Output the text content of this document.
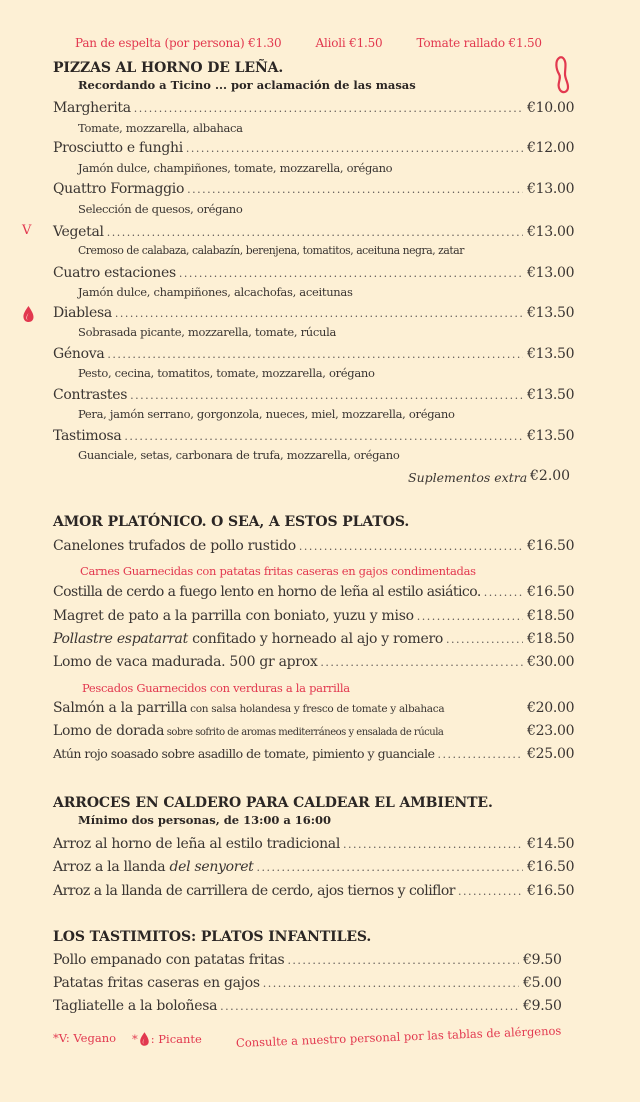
Pan de espelta (por persona) €1.30	Alioli €1.50	Tomate rallado €1.50
PIZZAS AL HORNO DE LEÑA.
Recordando a Ticino ... por aclamación de las masas
Margherita . . .	€10.00
Tomate, mozzarella, albahaca
Prosciutto e funghi . . .	€12.00
Jamón dulce, champiñones, tomate, mozzarella, orégano
Quattro Formaggio . . .	€13.00
Selección de quesos, orégano
V Vegetal . . .	€13.00
Cremoso de calabaza, calabazín, berenjena, tomatitos, aceituna negra, zatar
Cuatro estaciones . . .	€13.00
Jamón dulce, champiñones, alcachofas, aceitunas
Diablesa . . .	€13.50
Sobrasada picante, mozzarella, tomate, rúcula
Génova . . .	€13.50
Pesto, cecina, tomatitos, tomate, mozzarella, orégano
Contrastes . . .	€13.50
Pera, jamón serrano, gorgonzola, nueces, miel, mozzarella, orégano
Tastimosa . . .	€13.50
Guanciale, setas, carbonara de trufa, mozzarella, orégano
Suplementos extra €2.00
AMOR PLATÓNICO. O SEA, A ESTOS PLATOS.
Canelones trufados de pollo rustido . . .	€16.50
Carnes Guarnecidas con patatas fritas caseras en gajos condimentadas
Costilla de cerdo a fuego lento en horno de leña al estilo asiático. . . .	€16.50
Magret de pato a la parrilla con boniato, yuzu y miso . . .	€18.50
Pollastre espatarrat confitado y horneado al ajo y romero . . .	€18.50
Lomo de vaca madurada. 500 gr aprox . . .	€30.00
Pescados Guarnecidos con verduras a la parrilla
Salmón a la parrilla con salsa holandesa y fresco de tomate y albahaca	€20.00
Lomo de dorada sobre sofrito de aromas mediterráneos y ensalada de rúcula	€23.00
Atún rojo soasado sobre asadillo de tomate, pimiento y guanciale . . .	€25.00
ARROCES EN CALDERO PARA CALDEAR EL AMBIENTE.
Mínimo dos personas, de 13:00 a 16:00
Arroz al horno de leña al estilo tradicional . . .	€14.50
Arroz a la llanda del senyoret . . .	€16.50
Arroz a la llanda de carrillera de cerdo, ajos tiernos y coliflor . . .	€16.50
LOS TASTIMITOS: PLATOS INFANTILES.
Pollo empanado con patatas fritas . . .	€9.50
Patatas fritas caseras en gajos . . .	€5.00
Tagliatelle a la boloñesa . . .	€9.50
*V: Vegano * : Picante	Consulte a nuestro personal por las tablas de alérgenos
